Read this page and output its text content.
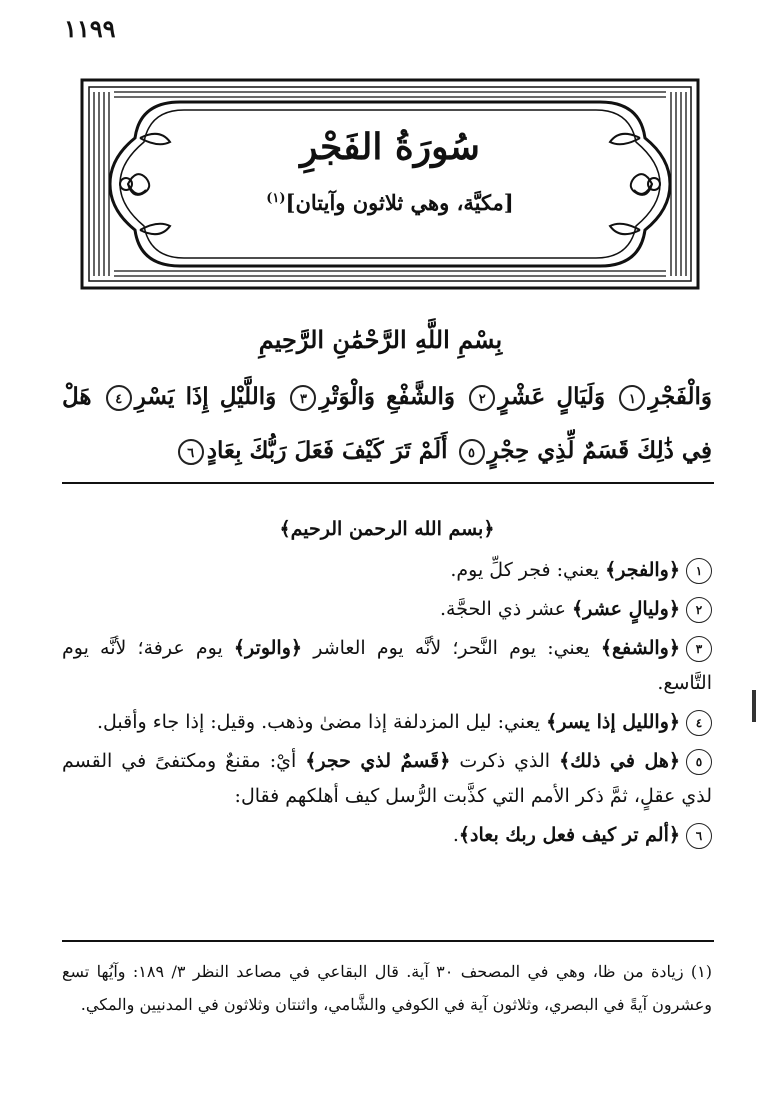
١١٩٩
سُورَةُ الفَجْرِ
[مكيَّة، وهي ثلاثون وآيتان]$^{(١)}$
بِسْمِ اللَّهِ الرَّحْمَٰنِ الرَّحِيمِ
وَالْفَجْرِ١ وَلَيَالٍ عَشْرٍ٢ وَالشَّفْعِ وَالْوَتْرِ٣ وَاللَّيْلِ إِذَا يَسْرِ٤ هَلْ فِي ذَٰلِكَ قَسَمٌ لِّذِي حِجْرٍ٥ أَلَمْ تَرَ كَيْفَ فَعَلَ رَبُّكَ بِعَادٍ٦
﴿بسم الله الرحمن الرحيم﴾

١﴿والفجر﴾ يعني: فجر كلِّ يوم.

٢﴿وليالٍ عشر﴾ عشر ذي الحجَّة.

٣﴿والشفع﴾ يعني: يوم النَّحر؛ لأنَّه يوم العاشر ﴿والوتر﴾ يوم عرفة؛ لأنَّه يوم التَّاسع.

٤﴿والليل إذا يسر﴾ يعني: ليل المزدلفة إذا مضىٰ وذهب. وقيل: إذا جاء وأقبل.

٥﴿هل في ذلك﴾ الذي ذكرت ﴿قَسمٌ لذي حجر﴾ أيْ: مقنعٌ ومكتفىً في القسم لذي عقلٍ، ثمَّ ذكر الأمم التي كذَّبت الرُّسل كيف أهلكهم فقال:

٦﴿ألم تر كيف فعل ربك بعاد﴾.

(١) زيادة من ظا، وهي في المصحف ٣٠ آية. قال البقاعي في مصاعد النظر ٣/ ١٨٩: وآيُها تسع وعشرون آيةً في البصري، وثلاثون آية في الكوفي والشَّامي، واثنتان وثلاثون في المدنيين والمكي.
